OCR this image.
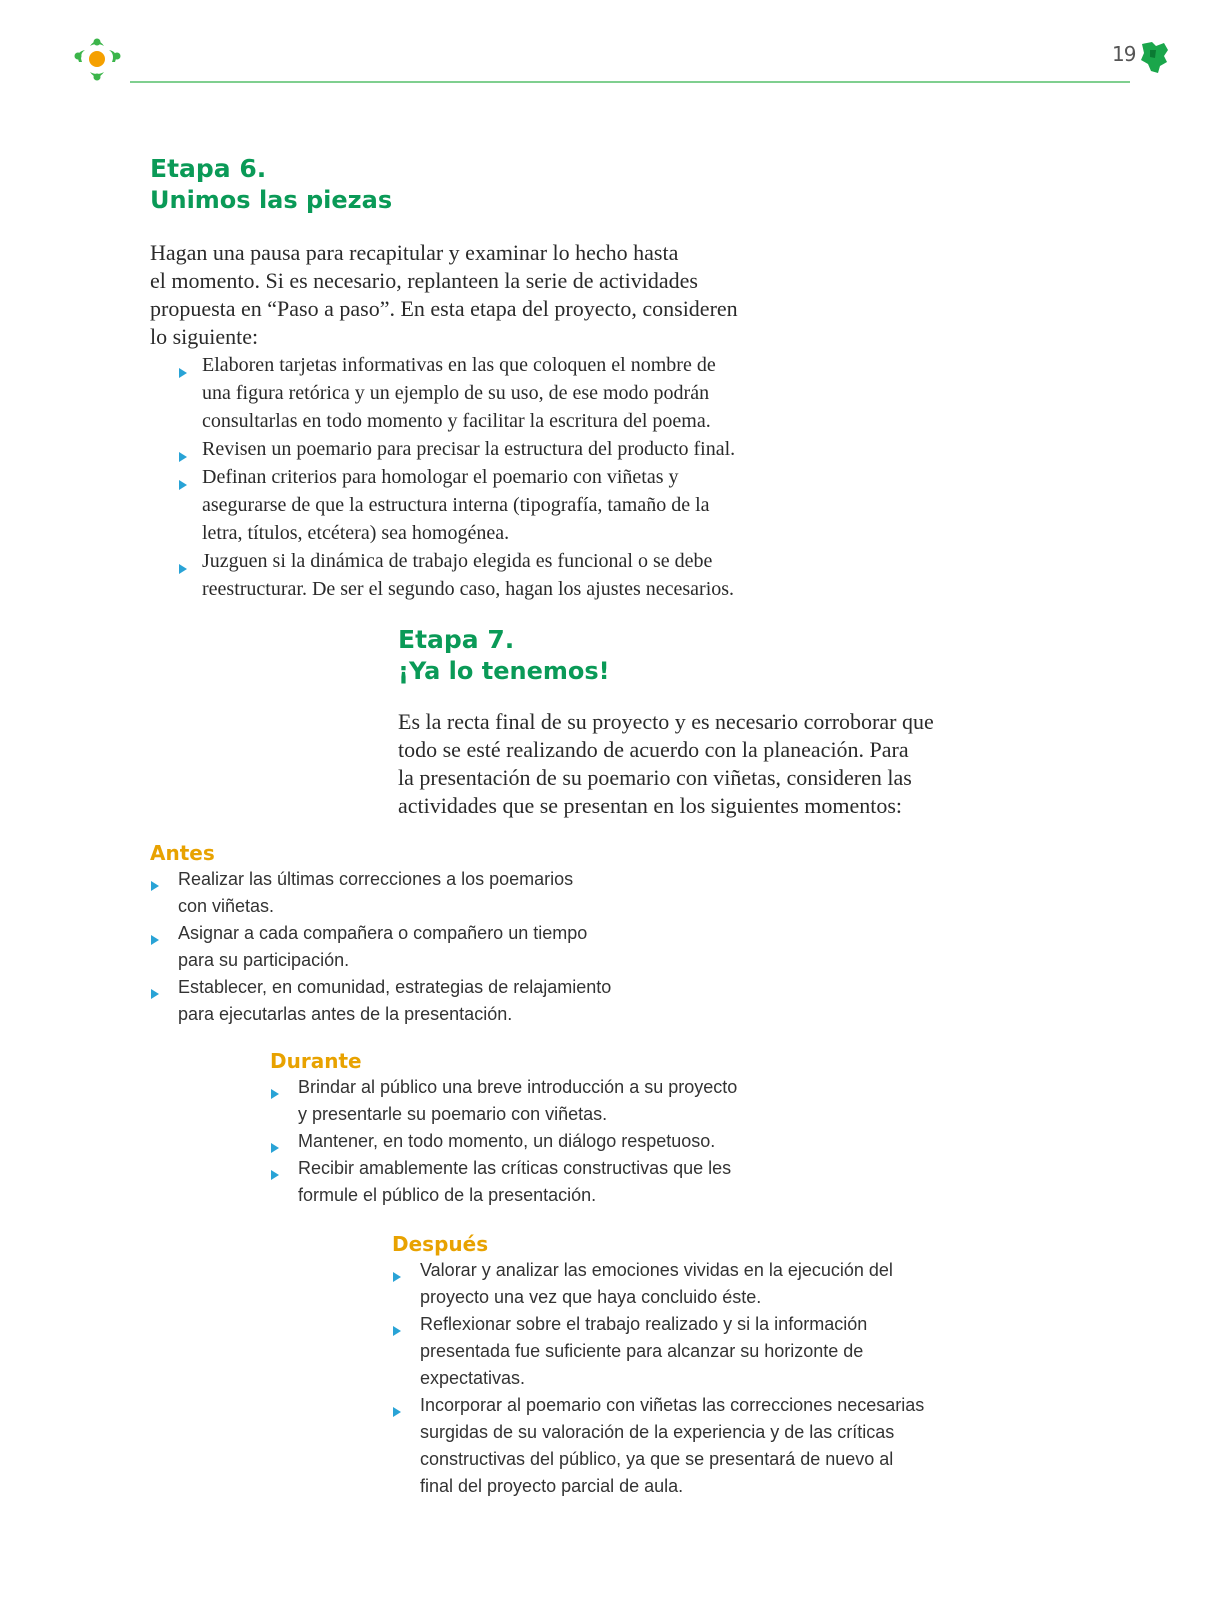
19
Etapa 6.
Unimos las piezas

Hagan una pausa para recapitular y examinar lo hecho hasta

el momento. Si es necesario, replanteen la serie de actividades

propuesta en “Paso a paso”. En esta etapa del proyecto, consideren

lo siguiente:

Elaboren tarjetas informativas en las que coloquen el nombre de
una figura retórica y un ejemplo de su uso, de ese modo podrán
consultarlas en todo momento y facilitar la escritura del poema.
Revisen un poemario para precisar la estructura del producto final.
Definan criterios para homologar el poemario con viñetas y
asegurarse de que la estructura interna (tipografía, tamaño de la
letra, títulos, etcétera) sea homogénea.
Juzguen si la dinámica de trabajo elegida es funcional o se debe
reestructurar. De ser el segundo caso, hagan los ajustes necesarios.
Etapa 7.
¡Ya lo tenemos!

Es la recta final de su proyecto y es necesario corroborar que

todo se esté realizando de acuerdo con la planeación. Para

la presentación de su poemario con viñetas, consideren las

actividades que se presentan en los siguientes momentos:

Antes
Realizar las últimas correcciones a los poemarios
con viñetas.
Asignar a cada compañera o compañero un tiempo
para su participación.
Establecer, en comunidad, estrategias de relajamiento
para ejecutarlas antes de la presentación.
Durante
Brindar al público una breve introducción a su proyecto
y presentarle su poemario con viñetas.
Mantener, en todo momento, un diálogo respetuoso.
Recibir amablemente las críticas constructivas que les
formule el público de la presentación.
Después
Valorar y analizar las emociones vividas en la ejecución del
proyecto una vez que haya concluido éste.
Reflexionar sobre el trabajo realizado y si la información
presentada fue suficiente para alcanzar su horizonte de
expectativas.
Incorporar al poemario con viñetas las correcciones necesarias
surgidas de su valoración de la experiencia y de las críticas
constructivas del público, ya que se presentará de nuevo al
final del proyecto parcial de aula.
